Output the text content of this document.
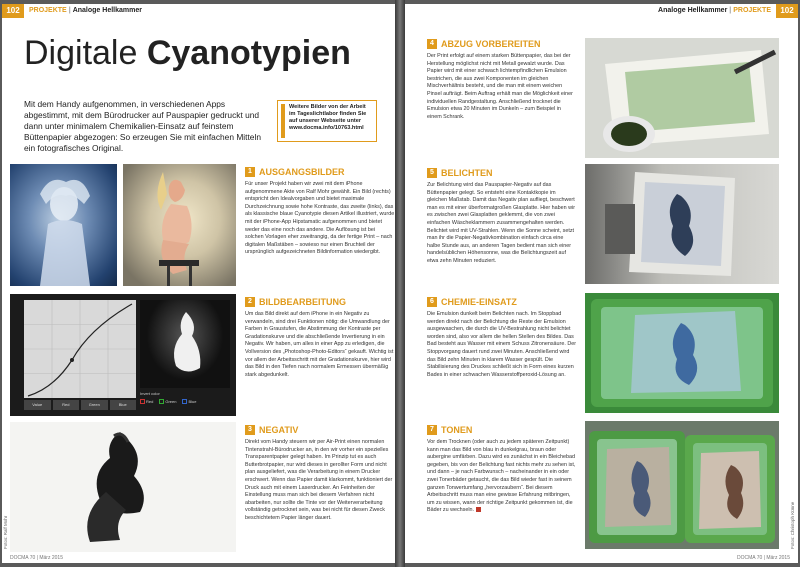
102	PROJEKTE | Analoge Hellkammer
Digitale Cyanotypien
Mit dem Handy aufgenommen, in verschiedenen Apps abgestimmt, mit dem Bürodrucker auf Pauspapier gedruckt und dann unter minimalem Chemikalien-Einsatz auf feinstem Büttenpapier abgezogen: So erzeugen Sie mit einfachen Mitteln ein fotografisches Original.
Weitere Bilder von der Arbeit im Tageslichtlabor finden Sie auf unserer Webseite unter www.docma.info/10763.html
1 AUSGANGSBILDER
Für unser Projekt haben wir zwei mit dem iPhone aufgenommene Akte von Ralf Mohr gewählt. Ein Bild (rechts) entspricht den Idealvorgaben und bietet maximale Durchzeichnung sowie hohe Kontraste, das zweite (links), das als klassische blaue Cyanotypie diesen Artikel illustriert, wurde mit der iPhone-App Hipstamatic aufgenommen und bietet weder das eine noch das andere. Die Auflösung ist bei solchen Vorlagen eher zweitrangig, da der fertige Print – nach digitalen Maßstäben – sowieso nur einen Bruchteil der ursprünglich aufgezeichneten Bildinformation wiedergibt.
Value	Red	Green	Blue
Invert color
Red	Green	Blue
2 BILDBEARBEITUNG
Um das Bild direkt auf dem iPhone in ein Negativ zu verwandeln, sind drei Funktionen nötig: die Umwandlung der Farben in Graustufen, die Abstimmung der Kontraste per Gradationskurve und die abschließende Invertierung in ein Negativ. Wir haben, um alles in einer App zu erledigen, die Vollversion des „Photoshop-Photo-Editors“ gekauft. Wichtig ist vor allem der Arbeitsschritt mit der Gradationskurve, hier wird das Bild in den Tiefen nach normalem Ermessen übermäßig stark abgedunkelt.
Fotos: Ralf Mohr
3 NEGATIV
Direkt vom Handy steuern wir per Air-Print einen normalen Tintenstrahl-Bürodrucker an, in den wir vorher ein spezielles Transparentpapier gelegt haben. Im Prinzip tut es auch Butterbrotpapier, nur wird dieses in gerollter Form und nicht plan ausgeliefert, was die Verarbeitung in einem Drucker erschwert. Wenn das Papier damit klarkommt, funktioniert der Druck auch mit einem Laserdrucker. An Feinheiten der Einstellung muss man sich bei diesem Verfahren nicht abarbeiten, nur sollte die Tinte vor der Weiterverarbeitung vollständig getrocknet sein, was bei nicht für diesen Zweck beschichtetem Papier länger dauert.
DOCMA 70 | März 2015
Analoge Hellkammer | PROJEKTE	102
4 ABZUG VORBEREITEN
Der Print erfolgt auf einem starken Büttenpapier, das bei der Herstellung möglichst nicht mit Metall gewalzt wurde. Das Papier wird mit einer schwach lichtempfindlichen Emulsion bestrichen, die aus zwei Komponenten im gleichen Mischverhältnis besteht, und die man mit einem weichen Pinsel aufträgt. Beim Auftrag erhält man die Möglichkeit einer individuellen Randgestaltung. Anschließend trocknet die Emulsion etwa 20 Minuten im Dunkeln – zum Beispiel in einem Schrank.
5 BELICHTEN
Zur Belichtung wird das Pauspapier-Negativ auf das Büttenpapier gelegt. So entsteht eine Kontaktkopie im gleichen Maßstab. Damit das Negativ plan aufliegt, beschwert man es mit einer überformatgroßen Glasplatte. Hier haben wir es zwischen zwei Glasplatten geklemmt, die von zwei einfachen Wäscheklammern zusammengehalten werden. Belichtet wird mit UV-Strahlen. Wenn die Sonne scheint, setzt man ihr die Papier-Negativkombination einfach circa eine halbe Stunde aus, an anderen Tagen bedient man sich einer handelsüblichen Höhensonne, was die Belichtungszeit auf etwa zehn Minuten reduziert.
6 CHEMIE-EINSATZ
Die Emulsion dunkelt beim Belichten nach. Im Stoppbad werden direkt nach der Belichtung die Reste der Emulsion ausgewaschen, die durch die UV-Bestrahlung nicht belichtet worden sind, also vor allem die hellen Stellen des Bildes. Das Bad besteht aus Wasser mit einem Schuss Zitronensäure. Der Stoppvorgang dauert rund zwei Minuten. Anschließend wird das Bild zehn Minuten in klarem Wasser gespült. Die Stabilisierung des Druckes schließt sich in Form eines kurzen Bades in einer schwachen Wasserstoffperoxid-Lösung an.
7 TONEN
Vor dem Trocknen (oder auch zu jedem späteren Zeitpunkt) kann man das Bild von blau in dunkelgrau, braun oder aubergine umfärben. Dazu wird es zunächst in ein Bleichebad gegeben, bis von der Belichtung fast nichts mehr zu sehen ist, und dann – je nach Farbwunsch – nacheinander in ein oder zwei Tonerbäder getaucht, die das Bild wieder fast in seinem ganzen Tonwertumfang „hervorzaubern“. Bei diesem Arbeitsschritt muss man eine gewisse Erfahrung mitbringen, um zu wissen, wann der richtige Zeitpunkt gekommen ist, die Bäder zu wechseln.	Fotos: Christoph Künne
DOCMA 70 | März 2015
